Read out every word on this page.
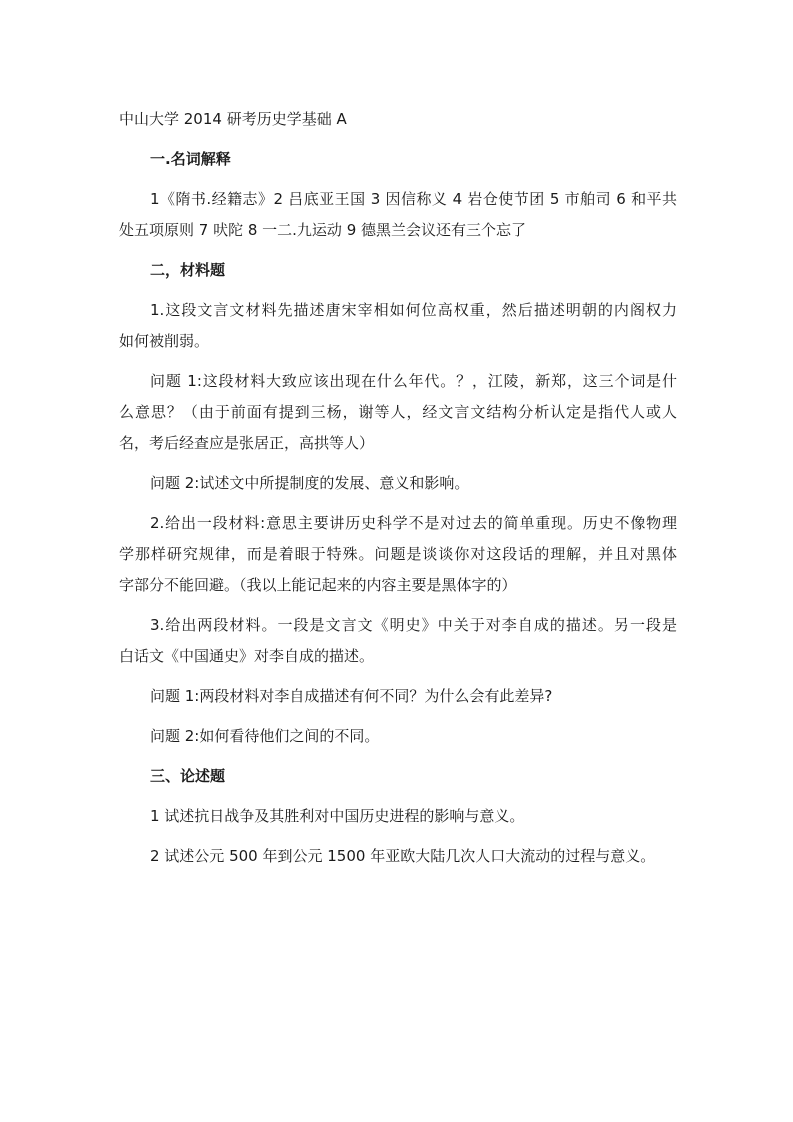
中山大学 2014 研考历史学基础 A

一.名词解释

1《隋书.经籍志》2 吕底亚王国 3 因信称义 4 岩仓使节团 5 市舶司 6 和平共

处五项原则 7 吠陀 8 一二.九运动 9 德黑兰会议还有三个忘了

二，材料题

1.这段文言文材料先描述唐宋宰相如何位高权重，然后描述明朝的内阁权力

如何被削弱。

问题 1:这段材料大致应该出现在什么年代。？，江陵，新郑，这三个词是什

么意思？（由于前面有提到三杨，谢等人，经文言文结构分析认定是指代人或人

名，考后经查应是张居正，高拱等人）

问题 2:试述文中所提制度的发展、意义和影响。

2.给出一段材料:意思主要讲历史科学不是对过去的简单重现。历史不像物理

学那样研究规律，而是着眼于特殊。问题是谈谈你对这段话的理解，并且对黑体

字部分不能回避。（我以上能记起来的内容主要是黑体字的）

3.给出两段材料。一段是文言文《明史》中关于对李自成的描述。另一段是

白话文《中国通史》对李自成的描述。

问题 1:两段材料对李自成描述有何不同？为什么会有此差异?

问题 2:如何看待他们之间的不同。

三、论述题

1 试述抗日战争及其胜利对中国历史进程的影响与意义。

2 试述公元 500 年到公元 1500 年亚欧大陆几次人口大流动的过程与意义。
